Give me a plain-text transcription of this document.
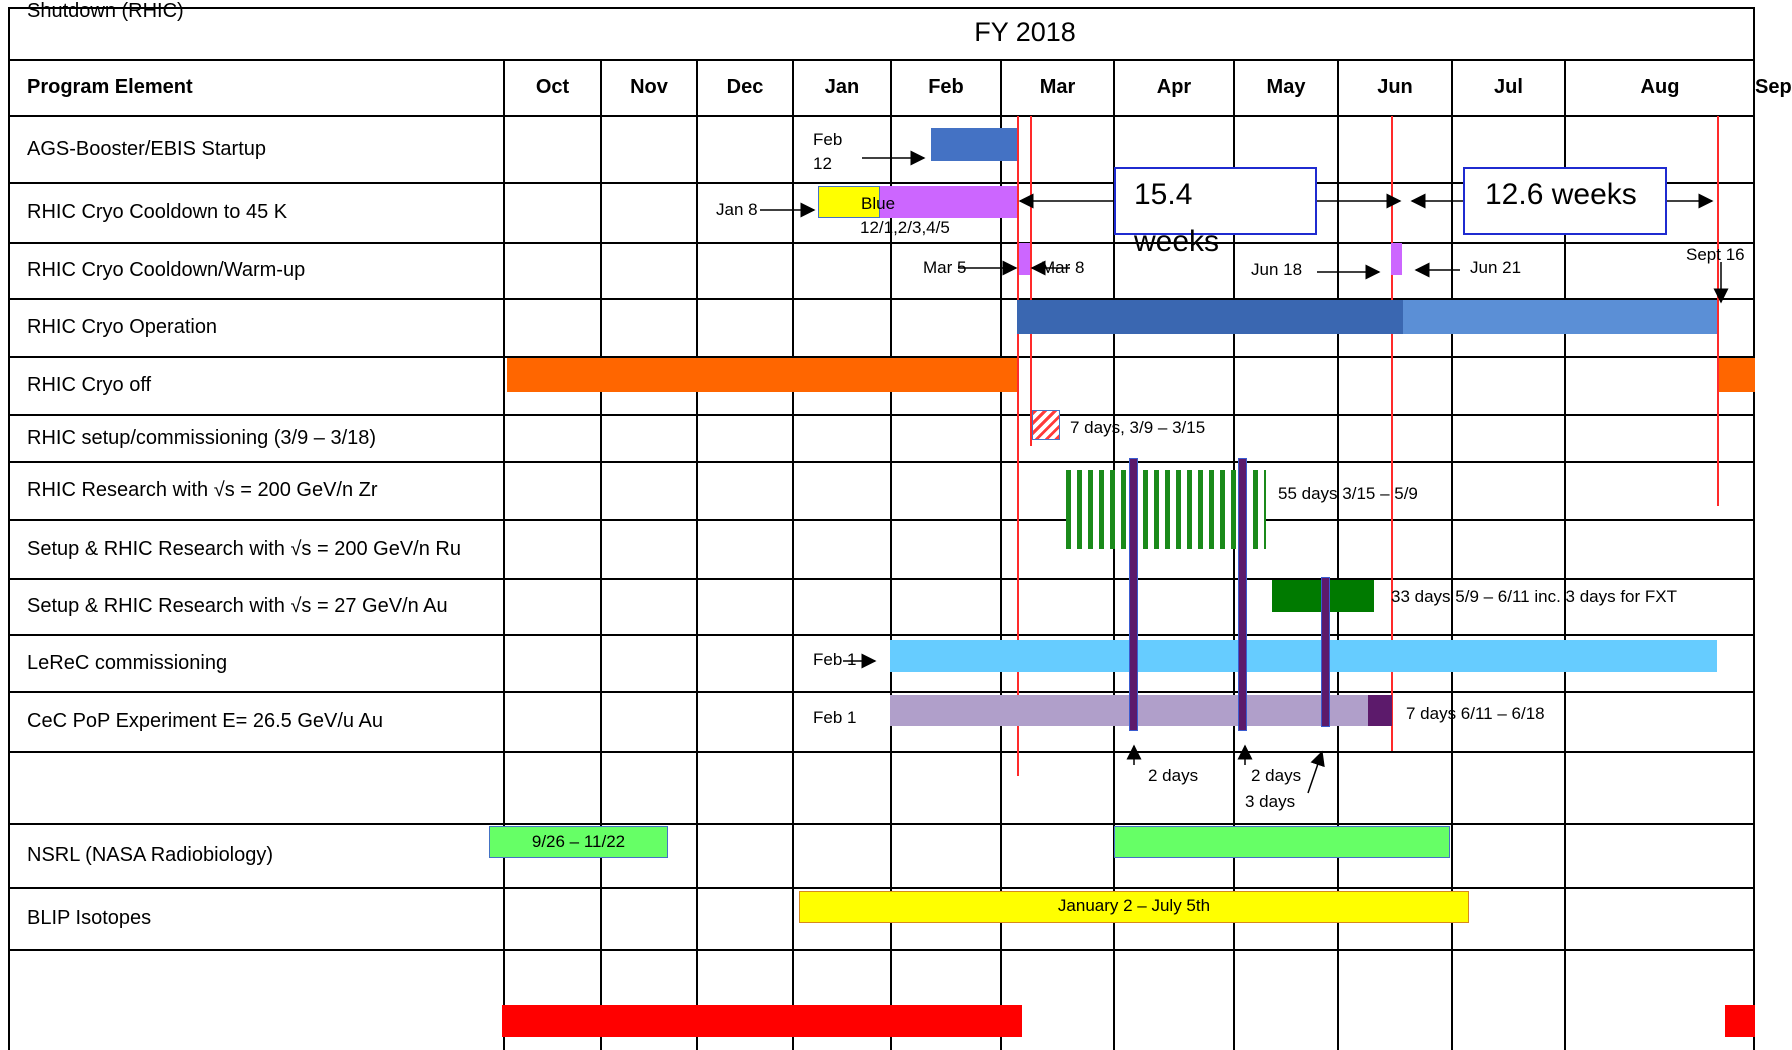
FY 2018
Program Element	Oct	Nov	Dec	Jan	Feb	Mar	Apr	May	Jun	Jul	Aug	Sep
AGS-Booster/EBIS Startup
RHIC Cryo Cooldown to 45 K
RHIC Cryo Cooldown/Warm-up
RHIC Cryo Operation
RHIC Cryo off
RHIC setup/commissioning (3/9 – 3/18)
RHIC Research with √s = 200 GeV/n Zr
Setup & RHIC Research with √s = 200 GeV/n Ru
Setup & RHIC Research with √s = 27 GeV/n Au
LeReC commissioning
CeC PoP Experiment E= 26.5 GeV/u Au
NSRL (NASA Radiobiology)
BLIP Isotopes
Shutdown (RHIC)
Feb
12
Jan 8	Blue
12/1,2/3,4/5
15.4
weeks
12.6 weeks
Mar 5	Mar 8	Jun 18	Jun 21
Sept 16
7 days, 3/9 – 3/15
55 days 3/15 – 5/9
33 days 5/9 – 6/11 inc. 3 days for FXT
Feb 1
Feb 1	7 days 6/11 – 6/18
2 days	2 days
3 days
9/26 – 11/22
January 2 – July 5th
